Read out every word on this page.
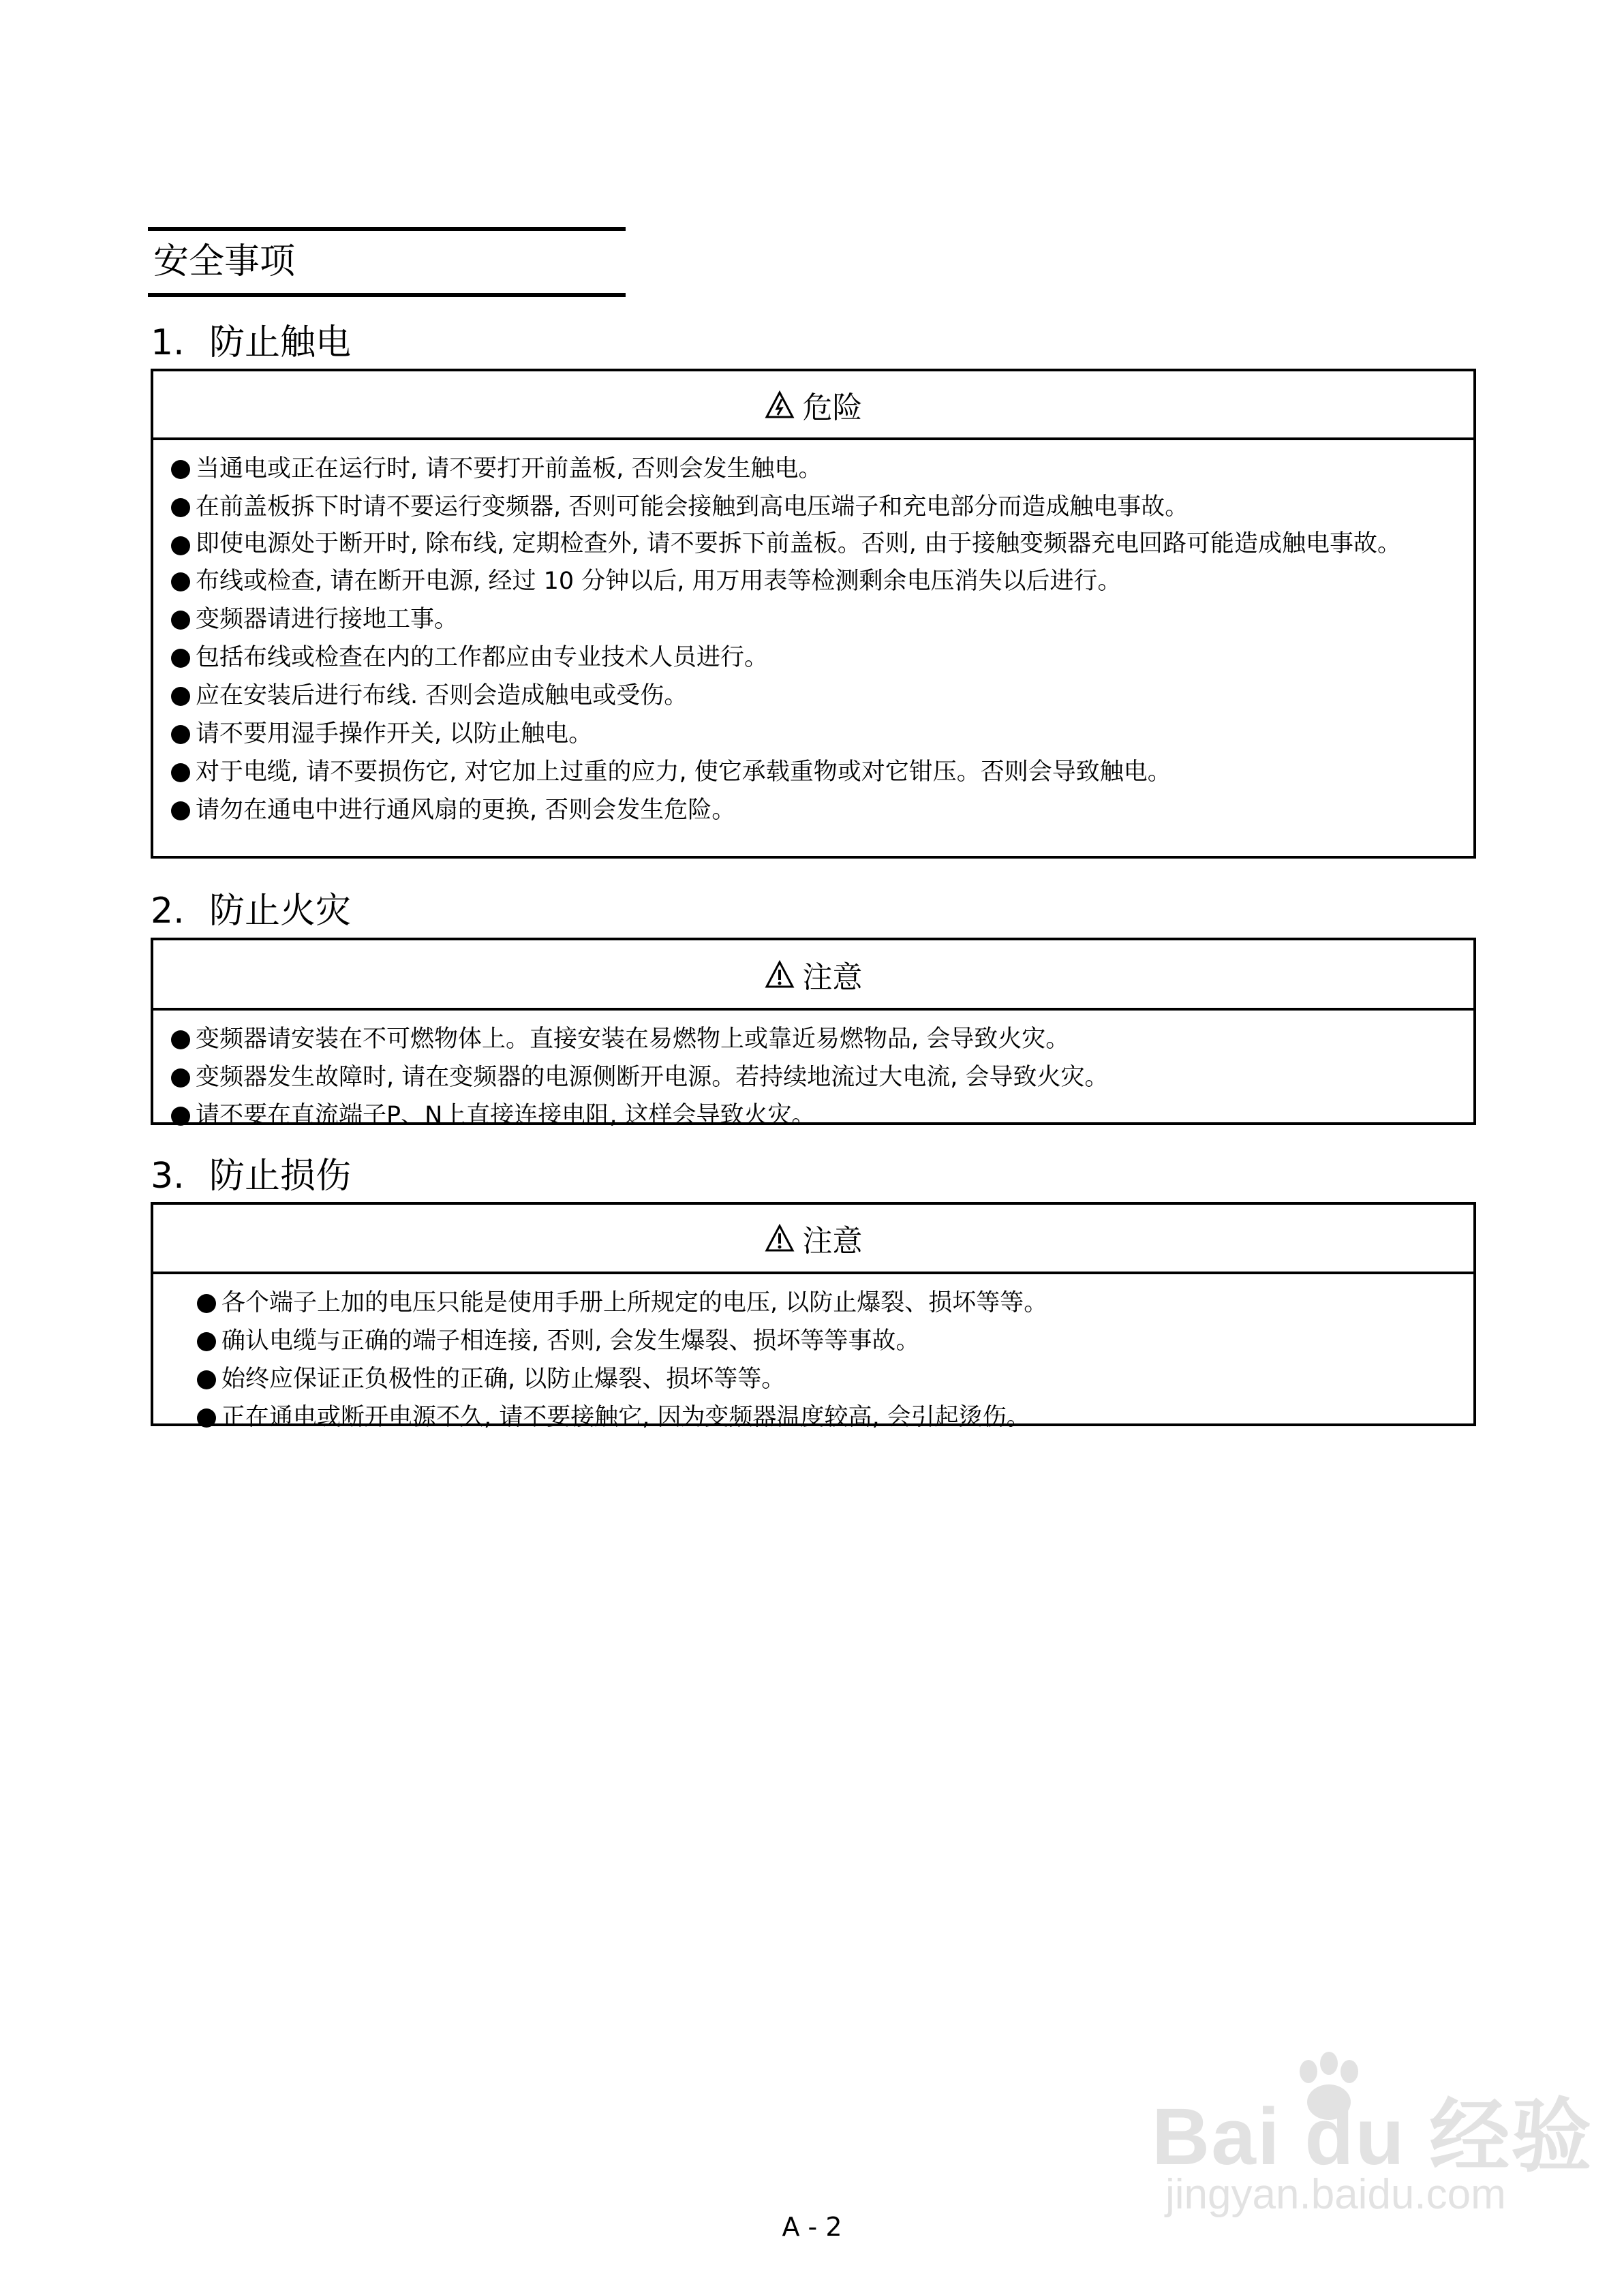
安全事项
1. 防止触电
危险
当通电或正在运行时, 请不要打开前盖板, 否则会发生触电。
在前盖板拆下时请不要运行变频器, 否则可能会接触到高电压端子和充电部分而造成触电事故。
即使电源处于断开时, 除布线, 定期检查外, 请不要拆下前盖板。否则, 由于接触变频器充电回路可能造成触电事故。
布线或检查, 请在断开电源, 经过 10 分钟以后, 用万用表等检测剩余电压消失以后进行。
变频器请进行接地工事。
包括布线或检查在内的工作都应由专业技术人员进行。
应在安装后进行布线. 否则会造成触电或受伤。
请不要用湿手操作开关, 以防止触电。
对于电缆, 请不要损伤它, 对它加上过重的应力, 使它承载重物或对它钳压。否则会导致触电。
请勿在通电中进行通风扇的更换, 否则会发生危险。
2. 防止火灾
注意
变频器请安装在不可燃物体上。直接安装在易燃物上或靠近易燃物品, 会导致火灾。
变频器发生故障时, 请在变频器的电源侧断开电源。若持续地流过大电流, 会导致火灾。
请不要在直流端子P、N上直接连接电阻, 这样会导致火灾。
3. 防止损伤
注意
各个端子上加的电压只能是使用手册上所规定的电压, 以防止爆裂、损坏等等。
确认电缆与正确的端子相连接, 否则, 会发生爆裂、损坏等等事故。
始终应保证正负极性的正确, 以防止爆裂、损坏等等。
正在通电或断开电源不久, 请不要接触它, 因为变频器温度较高, 会引起烫伤。
Bai du 经验
jingyan.baidu.com
A - 2
